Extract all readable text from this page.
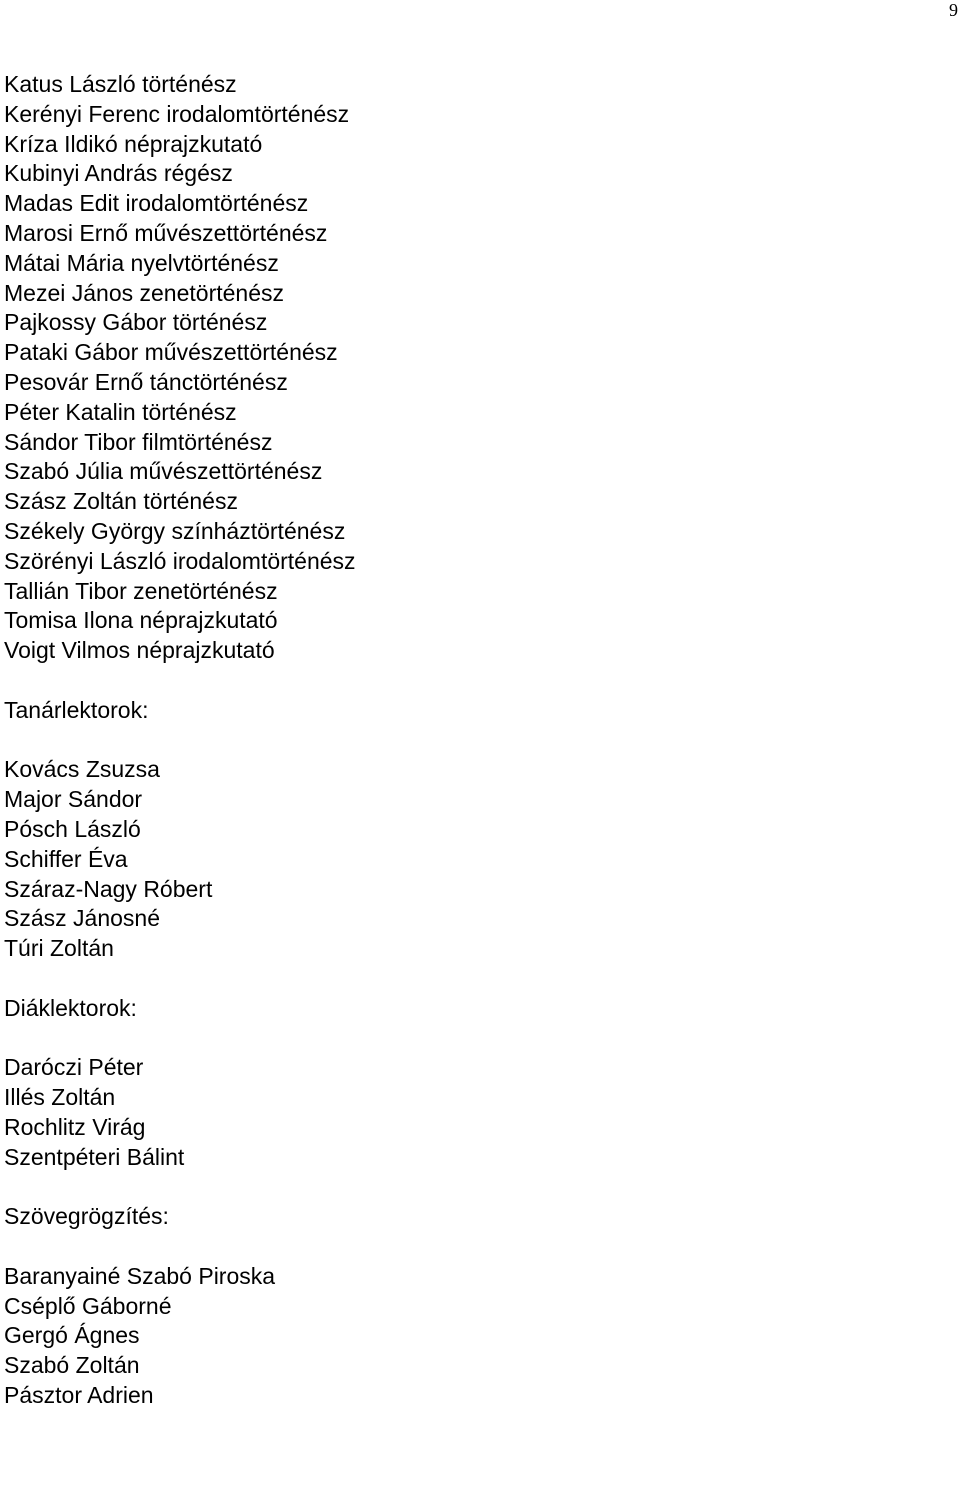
9
Katus László történész
Kerényi Ferenc irodalomtörténész
Kríza Ildikó néprajzkutató
Kubinyi András régész
Madas Edit irodalomtörténész
Marosi Ernő művészettörténész
Mátai Mária nyelvtörténész
Mezei János zenetörténész
Pajkossy Gábor történész
Pataki Gábor művészettörténész
Pesovár Ernő tánctörténész
Péter Katalin történész
Sándor Tibor filmtörténész
Szabó Júlia művészettörténész
Szász Zoltán történész
Székely György színháztörténész
Szörényi László irodalomtörténész
Tallián Tibor zenetörténész
Tomisa Ilona néprajzkutató
Voigt Vilmos néprajzkutató
Tanárlektorok:
Kovács Zsuzsa
Major Sándor
Pósch László
Schiffer Éva
Száraz-Nagy Róbert
Szász Jánosné
Túri Zoltán
Diáklektorok:
Daróczi Péter
Illés Zoltán
Rochlitz Virág
Szentpéteri Bálint
Szövegrögzítés:
Baranyainé Szabó Piroska
Cséplő Gáborné
Gergó Ágnes
Szabó Zoltán
Pásztor Adrien
